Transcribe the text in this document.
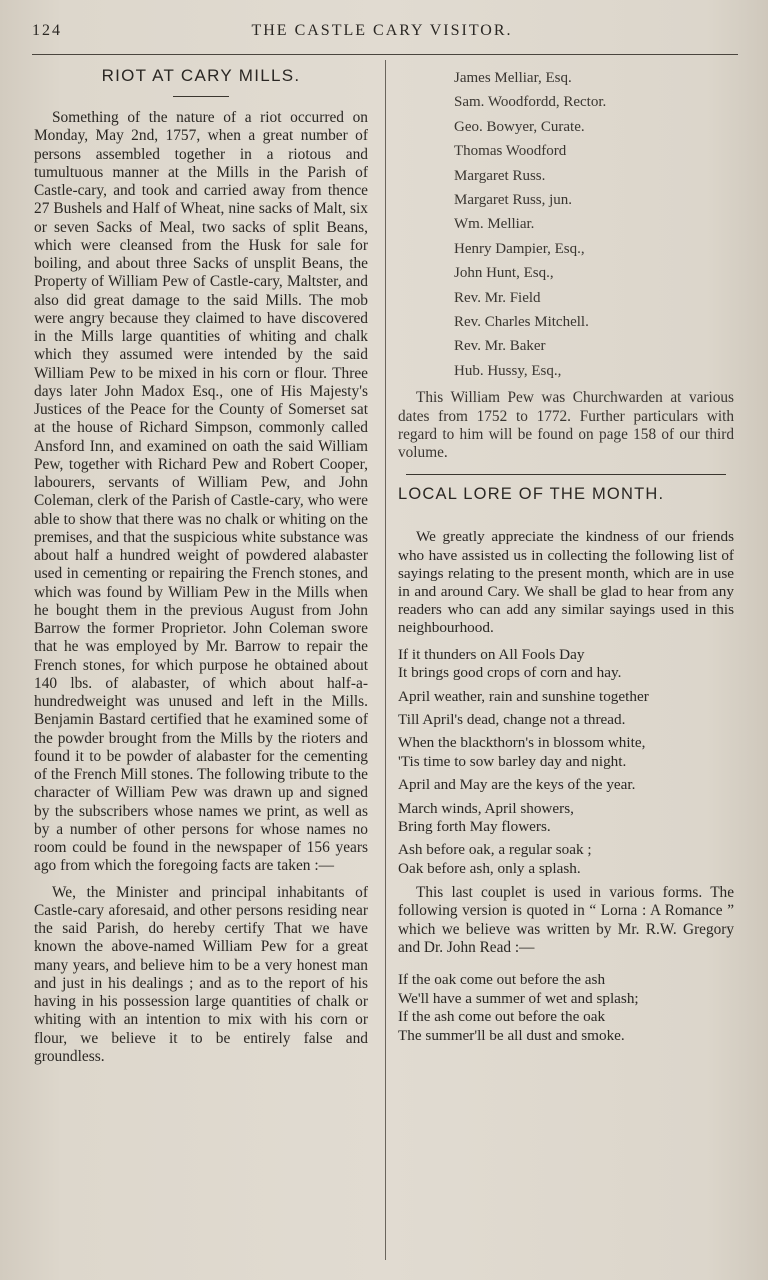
124	THE CASTLE CARY VISITOR.
RIOT AT CARY MILLS.

Something of the nature of a riot occurred on Monday, May 2nd, 1757, when a great number of persons assembled together in a riotous and tumultuous manner at the Mills in the Parish of Castle-cary, and took and carried away from thence 27 Bushels and Half of Wheat, nine sacks of Malt, six or seven Sacks of Meal, two sacks of split Beans, which were cleansed from the Husk for sale for boiling, and about three Sacks of unsplit Beans, the Property of William Pew of Castle-cary, Maltster, and also did great damage to the said Mills. The mob were angry because they claimed to have discovered in the Mills large quantities of whiting and chalk which they assumed were intended by the said William Pew to be mixed in his corn or flour. Three days later John Madox Esq., one of His Majesty's Justices of the Peace for the County of Somerset sat at the house of Richard Simpson, commonly called Ansford Inn, and examined on oath the said William Pew, together with Richard Pew and Robert Cooper, labourers, servants of William Pew, and John Coleman, clerk of the Parish of Castle-cary, who were able to show that there was no chalk or whiting on the premises, and that the suspicious white substance was about half a hundred weight of powdered alabaster used in cementing or repairing the French stones, and which was found by William Pew in the Mills when he bought them in the previous August from John Barrow the former Proprietor. John Coleman swore that he was employed by Mr. Barrow to repair the French stones, for which purpose he obtained about 140 lbs. of alabaster, of which about half-a-hundredweight was unused and left in the Mills. Benjamin Bastard certified that he examined some of the powder brought from the Mills by the rioters and found it to be powder of alabaster for the cementing of the French Mill stones. The following tribute to the character of William Pew was drawn up and signed by the subscribers whose names we print, as well as by a number of other persons for whose names no room could be found in the newspaper of 156 years ago from which the foregoing facts are taken :—

We, the Minister and principal inhabitants of Castle-cary aforesaid, and other persons residing near the said Parish, do hereby certify That we have known the above-named William Pew for a great many years, and believe him to be a very honest man and just in his dealings ; and as to the report of his having in his possession large quantities of chalk or whiting with an intention to mix with his corn or flour, we believe it to be entirely false and groundless.

James Melliar, Esq.
Sam. Woodfordd, Rector.
Geo. Bowyer, Curate.
Thomas Woodford
Margaret Russ.
Margaret Russ, jun.
Wm. Melliar.
Henry Dampier, Esq.,
John Hunt, Esq.,
Rev. Mr. Field
Rev. Charles Mitchell.
Rev. Mr. Baker
Hub. Hussy, Esq.,

This William Pew was Churchwarden at various dates from 1752 to 1772. Further particulars with regard to him will be found on page 158 of our third volume.

LOCAL LORE OF THE MONTH.

We greatly appreciate the kindness of our friends who have assisted us in collecting the following list of sayings relating to the present month, which are in use in and around Cary. We shall be glad to hear from any readers who can add any similar sayings used in this neighbourhood.

If it thunders on All Fools Day
It brings good crops of corn and hay.
April weather, rain and sunshine together
Till April's dead, change not a thread.
When the blackthorn's in blossom white,
'Tis time to sow barley day and night.
April and May are the keys of the year.
March winds, April showers,
Bring forth May flowers.
Ash before oak, a regular soak ;
Oak before ash, only a splash.

This last couplet is used in various forms. The following version is quoted in “ Lorna : A Romance ” which we believe was written by Mr. R.W. Gregory and Dr. John Read :—

If the oak come out before the ash
We'll have a summer of wet and splash;
If the ash come out before the oak
The summer'll be all dust and smoke.
